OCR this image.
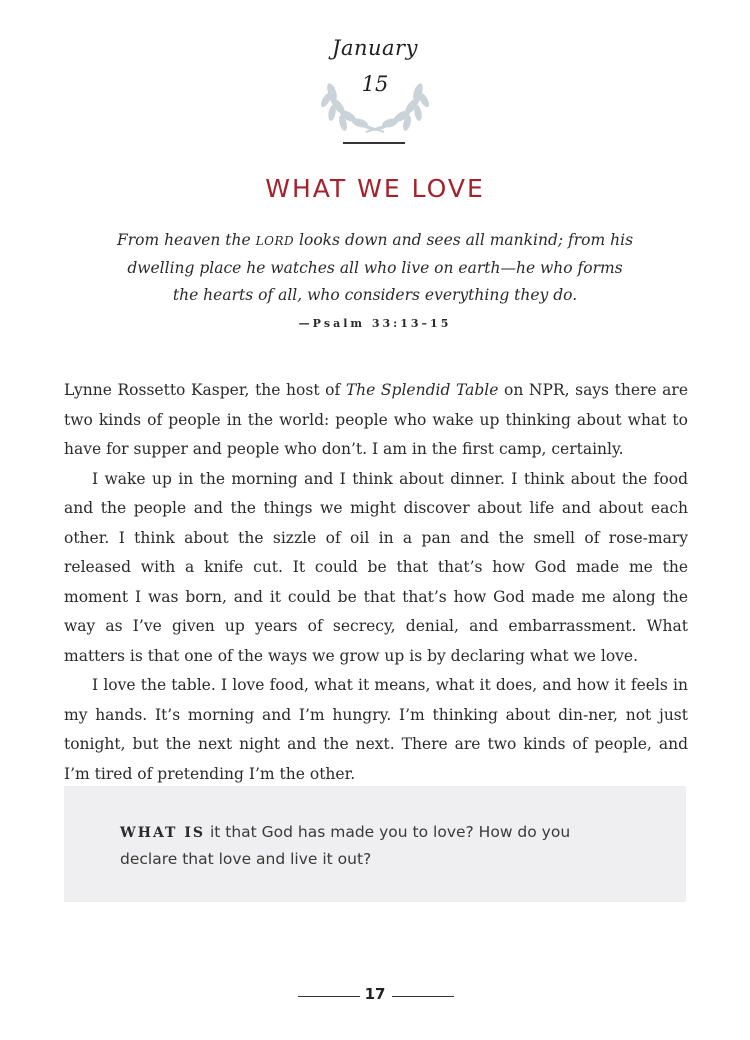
January
15
WHAT WE LOVE
From heaven the LORD looks down and sees all mankind; from his
dwelling place he watches all who live on earth—he who forms
the hearts of all, who considers everything they do.
—Psalm 33:13–15

Lynne Rossetto Kasper, the host of The Splendid Table on NPR, says there are two kinds of people in the world: people who wake up thinking about what to have for supper and people who don’t. I am in the first camp, certainly.

I wake up in the morning and I think about dinner. I think about the food and the people and the things we might discover about life and about each other. I think about the sizzle of oil in a pan and the smell of rose-mary released with a knife cut. It could be that that’s how God made me the moment I was born, and it could be that that’s how God made me along the way as I’ve given up years of secrecy, denial, and embarrassment. What matters is that one of the ways we grow up is by declaring what we love.

I love the table. I love food, what it means, what it does, and how it feels in my hands. It’s morning and I’m hungry. I’m thinking about din-ner, not just tonight, but the next night and the next. There are two kinds of people, and I’m tired of pretending I’m the other.

WHAT IS it that God has made you to love? How do you declare that love and live it out?
17
